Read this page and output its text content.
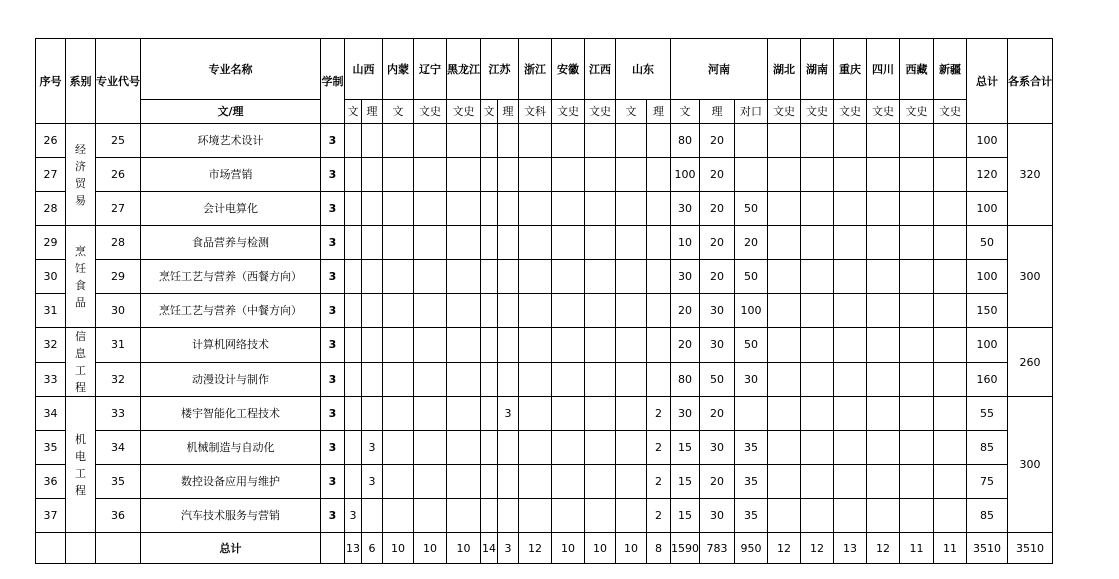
序号	系别	专业代号	专业名称	学制	山西		内蒙	辽宁	黑龙江	江苏		浙江	安徽	江西	山东		河南			湖北	湖南	重庆	四川	西藏	新疆	总计	各系合计
			文/理		文	理	文	文史	文史	文	理	文科	文史	文史	文	理	文	理	对口	文史	文史	文史	文史	文史	文史		
26	经济贸易	25	环境艺术设计	3													80	20								100	320
27		26	市场营销	3													100	20								120	
28		27	会计电算化	3													30	20	50							100	
29	烹饪食品	28	食品营养与检测	3													10	20	20							50	300
30		29	烹饪工艺与营养（西餐方向）	3													30	20	50							100	
31		30	烹饪工艺与营养（中餐方向）	3													20	30	100							150	
32	信息工程	31	计算机网络技术	3													20	30	50							100	260
33		32	动漫设计与制作	3													80	50	30							160	
34	机电工程	33	楼宇智能化工程技术	3							3					2	30	20								55	300
35		34	机械制造与自动化	3		3										2	15	30	35							85	
36		35	数控设备应用与维护	3		3										2	15	20	35							75	
37		36	汽车技术服务与营销	3	3											2	15	30	35							85	
			总计		13	6	10	10	10	14	3	12	10	10	10	8	1590	783	950	12	12	13	12	11	11	3510	3510
